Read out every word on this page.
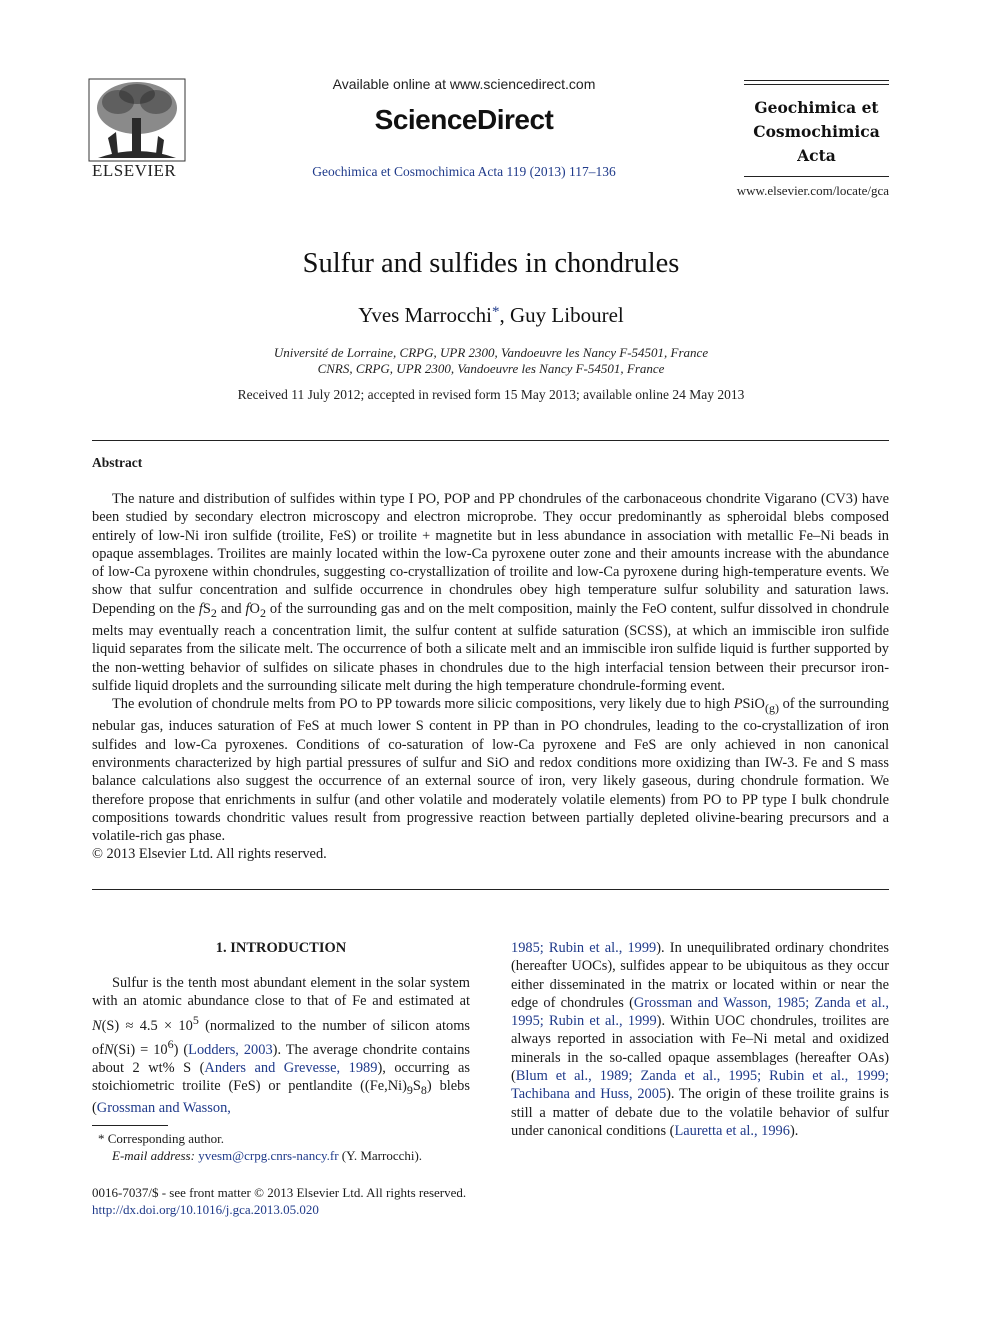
ELSEVIER
Available online at www.sciencedirect.com
ScienceDirect
Geochimica et Cosmochimica Acta 119 (2013) 117–136
Geochimica et
Cosmochimica
Acta
www.elsevier.com/locate/gca
Sulfur and sulfides in chondrules
Yves Marrocchi*, Guy Libourel
Université de Lorraine, CRPG, UPR 2300, Vandoeuvre les Nancy F-54501, France
CNRS, CRPG, UPR 2300, Vandoeuvre les Nancy F-54501, France
Received 11 July 2012; accepted in revised form 15 May 2013; available online 24 May 2013
Abstract

The nature and distribution of sulfides within type I PO, POP and PP chondrules of the carbonaceous chondrite Vigarano (CV3) have been studied by secondary electron microscopy and electron microprobe. They occur predominantly as spheroidal blebs composed entirely of low-Ni iron sulfide (troilite, FeS) or troilite + magnetite but in less abundance in association with metallic Fe–Ni beads in opaque assemblages. Troilites are mainly located within the low-Ca pyroxene outer zone and their amounts increase with the abundance of low-Ca pyroxene within chondrules, suggesting co-crystallization of troilite and low-Ca pyroxene during high-temperature events. We show that sulfur concentration and sulfide occurrence in chondrules obey high temperature sulfur solubility and saturation laws. Depending on the $fS_2$ and $fO_2$ of the surrounding gas and on the melt composition, mainly the FeO content, sulfur dissolved in chondrule melts may eventually reach a concentration limit, the sulfur content at sulfide saturation (SCSS), at which an immiscible iron sulfide liquid separates from the silicate melt. The occurrence of both a silicate melt and an immiscible iron sulfide liquid is further supported by the non-wetting behavior of sulfides on silicate phases in chondrules due to the high interfacial tension between their precursor iron-sulfide liquid droplets and the surrounding silicate melt during the high temperature chondrule-forming event.

The evolution of chondrule melts from PO to PP towards more silicic compositions, very likely due to high PSiO$_{(g)}$ of the surrounding nebular gas, induces saturation of FeS at much lower S content in PP than in PO chondrules, leading to the co-crystallization of iron sulfides and low-Ca pyroxenes. Conditions of co-saturation of low-Ca pyroxene and FeS are only achieved in non canonical environments characterized by high partial pressures of sulfur and SiO and redox conditions more oxidizing than IW-3. Fe and S mass balance calculations also suggest the occurrence of an external source of iron, very likely gaseous, during chondrule formation. We therefore propose that enrichments in sulfur (and other volatile and moderately volatile elements) from PO to PP type I bulk chondrule compositions towards chondritic values result from progressive reaction between partially depleted olivine-bearing precursors and a volatile-rich gas phase.

© 2013 Elsevier Ltd. All rights reserved.

1. INTRODUCTION

Sulfur is the tenth most abundant element in the solar system with an atomic abundance close to that of Fe and estimated at $N(S) \approx 4.5 \times 10^5$ (normalized to the number of silicon atoms $ofN(Si) = 10^6$) (Lodders, 2003). The average chondrite contains about 2 wt% S (Anders and Grevesse, 1989), occurring as stoichiometric troilite (FeS) or pentlandite $((Fe,Ni)_9S_8)$ blebs (Grossman and Wasson,

1985; Rubin et al., 1999). In unequilibrated ordinary chondrites (hereafter UOCs), sulfides appear to be ubiquitous as they occur either disseminated in the matrix or located within or near the edge of chondrules (Grossman and Wasson, 1985; Zanda et al., 1995; Rubin et al., 1999). Within UOC chondrules, troilites are always reported in association with Fe–Ni metal and oxidized minerals in the so-called opaque assemblages (hereafter OAs) (Blum et al., 1989; Zanda et al., 1995; Rubin et al., 1999; Tachibana and Huss, 2005). The origin of these troilite grains is still a matter of debate due to the volatile behavior of sulfur under canonical conditions (Lauretta et al., 1996).

* Corresponding author.
E-mail address: yvesm@crpg.cnrs-nancy.fr (Y. Marrocchi).
0016-7037/$ - see front matter © 2013 Elsevier Ltd. All rights reserved.
http://dx.doi.org/10.1016/j.gca.2013.05.020
